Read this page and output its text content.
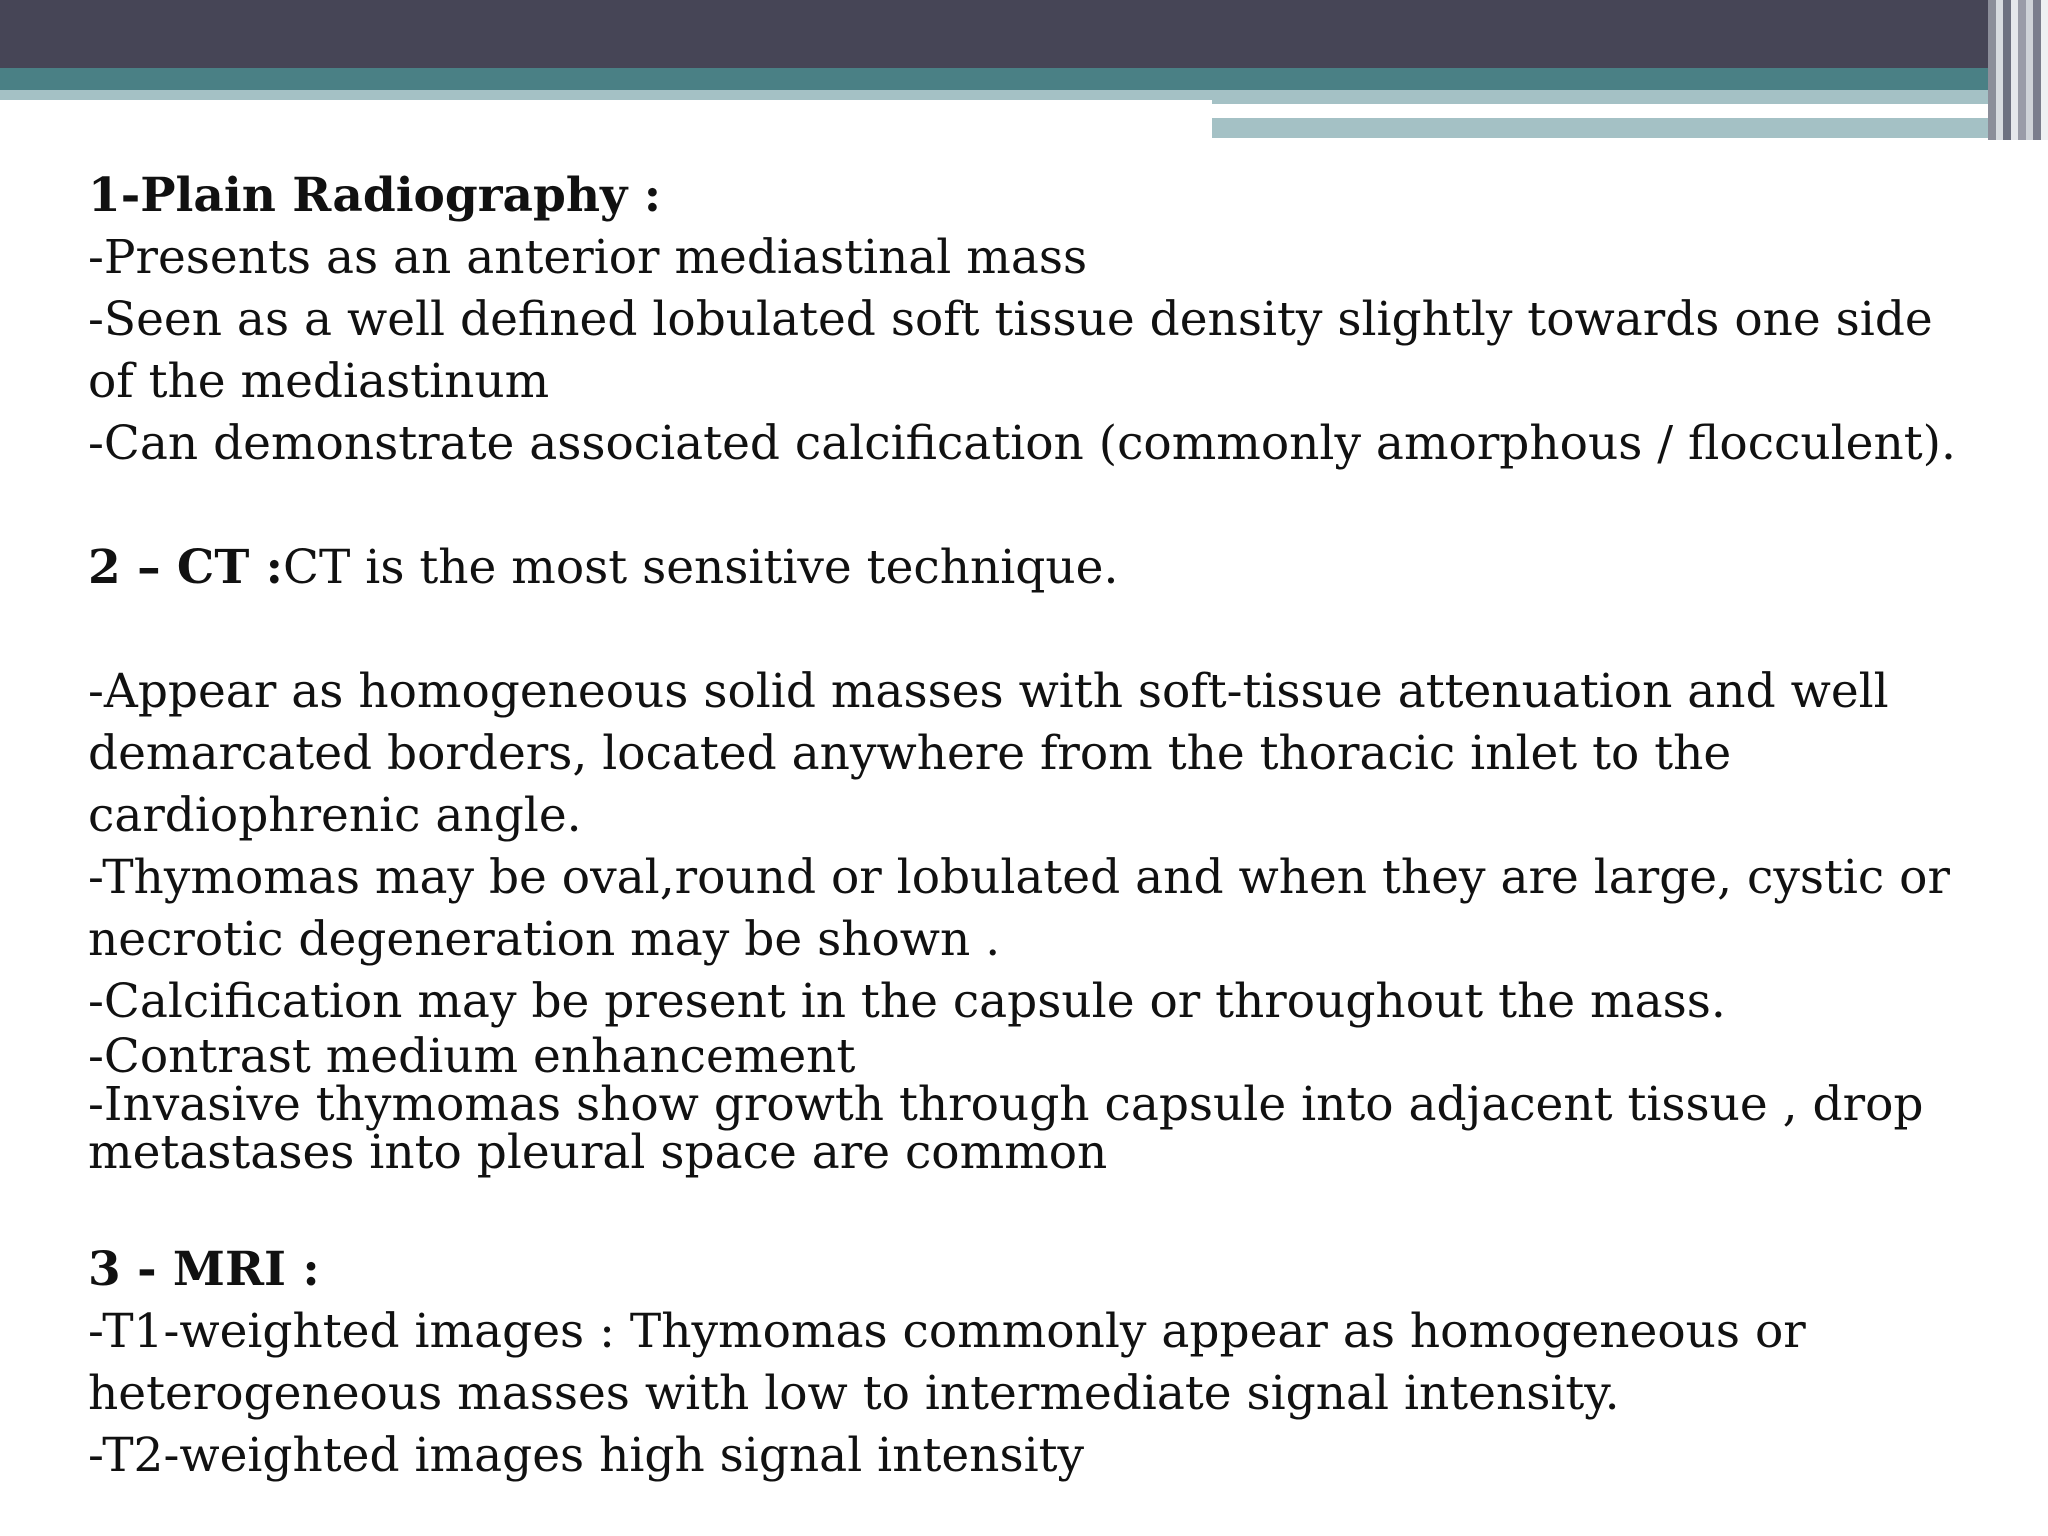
1-Plain Radiography :

-Presents as an anterior mediastinal mass

-Seen as a well defined lobulated soft tissue density slightly towards one side of the mediastinum

-Can demonstrate associated calcification (commonly amorphous / flocculent).

2 – CT :CT is the most sensitive technique.

-Appear as homogeneous solid masses with soft-tissue attenuation and well demarcated borders, located anywhere from the thoracic inlet to the cardiophrenic angle.

-Thymomas may be oval,round or lobulated and when they are large, cystic or necrotic degeneration may be shown .

-Calcification may be present in the capsule or throughout the mass.

-Contrast medium enhancement

-Invasive thymomas show growth through capsule into adjacent tissue , drop metastases into pleural space are common

3 - MRI :

-T1-weighted images : Thymomas commonly appear as homogeneous or heterogeneous masses with low to intermediate signal intensity.

-T2-weighted images high signal intensity
